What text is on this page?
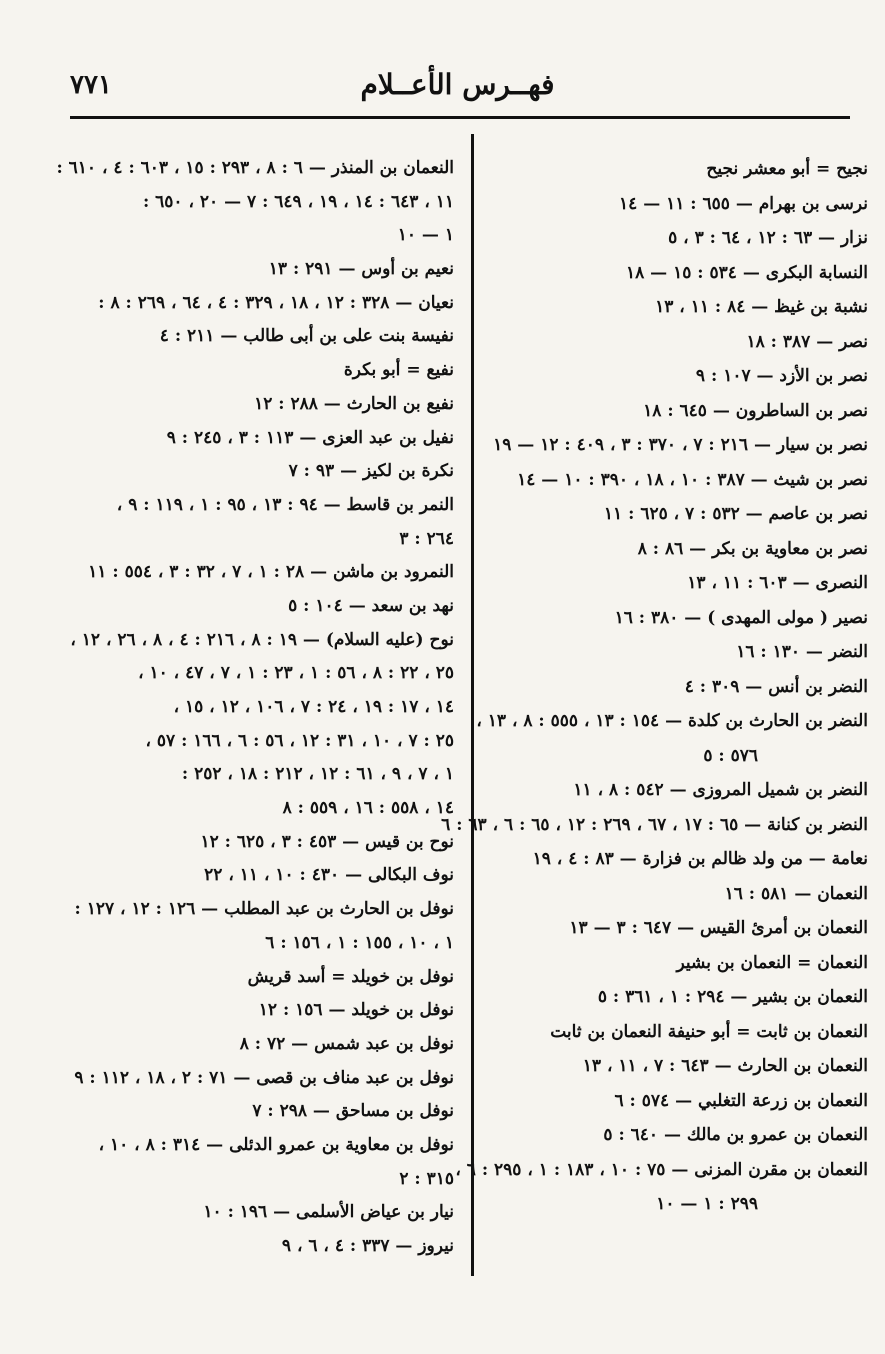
فهــرس الأعــلام
٧٧١
نجيح = أبو معشر نجيح
نرسى بن بهرام — ٦٥٥ : ١١ — ١٤
نزار — ٦٣ : ١٢ ، ٦٤ : ٣ ، ٥
النسابة البكرى — ٥٣٤ : ١٥ — ١٨
نشبة بن غيظ — ٨٤ : ١١ ، ١٣
نصر — ٣٨٧ : ١٨
نصر بن الأزد — ١٠٧ : ٩
نصر بن الساطرون — ٦٤٥ : ١٨
نصر بن سيار — ٢١٦ : ٧ ، ٣٧٠ : ٣ ، ٤٠٩ : ١٢ — ١٩
نصر بن شيث — ٣٨٧ : ١٠ ، ١٨ ، ٣٩٠ : ١٠ — ١٤
نصر بن عاصم — ٥٣٢ : ٧ ، ٦٢٥ : ١١
نصر بن معاوية بن بكر — ٨٦ : ٨
النصرى — ٦٠٣ : ١١ ، ١٣
نصير ( مولى المهدى ) — ٣٨٠ : ١٦
النضر — ١٣٠ : ١٦
النضر بن أنس — ٣٠٩ : ٤
النضر بن الحارث بن كلدة — ١٥٤ : ١٣ ، ٥٥٥ : ٨ ، ١٣ ،
٥٧٦ : ٥
النضر بن شميل المروزى — ٥٤٢ : ٨ ، ١١
النضر بن كنانة — ٦٥ : ١٧ ، ٦٧ ، ٢٦٩ : ١٢ ، ٦٥ : ٦ ، ٦٣ : ٦
نعامة — من ولد ظالم بن فزارة — ٨٣ : ٤ ، ١٩
النعمان — ٥٨١ : ١٦
النعمان بن أمرئ القيس — ٦٤٧ : ٣ — ١٣
النعمان = النعمان بن بشير
النعمان بن بشير — ٢٩٤ : ١ ، ٣٦١ : ٥
النعمان بن ثابت = أبو حنيفة النعمان بن ثابت
النعمان بن الحارث — ٦٤٣ : ٧ ، ١١ ، ١٣
النعمان بن زرعة التغلبي — ٥٧٤ : ٦
النعمان بن عمرو بن مالك — ٦٤٠ : ٥
النعمان بن مقرن المزنى — ٧٥ : ١٠ ، ١٨٣ : ١ ، ٢٩٥ : ٦ ،
٢٩٩ : ١ — ١٠
النعمان بن المنذر — ٦ : ٨ ، ٢٩٣ : ١٥ ، ٦٠٣ : ٤ ، ٦١٠ :
١١ ، ٦٤٣ : ١٤ ، ١٩ ، ٦٤٩ : ٧ — ٢٠ ، ٦٥٠ :
١ — ١٠
نعيم بن أوس — ٢٩١ : ١٣
نعيان — ٣٢٨ : ١٢ ، ١٨ ، ٣٢٩ : ٤ ، ٦٤ ، ٢٦٩ : ٨ :
نفيسة بنت على بن أبى طالب — ٢١١ : ٤
نفيع = أبو بكرة
نفيع بن الحارث — ٢٨٨ : ١٢
نفيل بن عبد العزى — ١١٣ : ٣ ، ٢٤٥ : ٩
نكرة بن لكيز — ٩٣ : ٧
النمر بن قاسط — ٩٤ : ١٣ ، ٩٥ : ١ ، ١١٩ : ٩ ،
٢٦٤ : ٣
النمرود بن ماشن — ٢٨ : ١ ، ٧ ، ٣٢ : ٣ ، ٥٥٤ : ١١
نهد بن سعد — ١٠٤ : ٥
نوح (عليه السلام) — ١٩ : ٨ ، ٢١٦ : ٤ ، ٨ ، ٢٦ ، ١٢ ،
٢٥ ، ٢٢ : ٨ ، ٥٦ : ١ ، ٢٣ : ١ ، ٧ ، ٤٧ ، ١٠ ،
١٤ ، ١٧ : ١٩ ، ٢٤ : ٧ ، ١٠٦ ، ١٢ ، ١٥ ،
٢٥ : ٧ ، ١٠ ، ٣١ : ١٢ ، ٥٦ : ٦ ، ١٦٦ : ٥٧ ،
١ ، ٧ ، ٩ ، ٦١ : ١٢ ، ٢١٢ : ١٨ ، ٢٥٢ :
١٤ ، ٥٥٨ : ١٦ ، ٥٥٩ : ٨
نوح بن قيس — ٤٥٣ : ٣ ، ٦٢٥ : ١٢
نوف البكالى — ٤٣٠ : ١٠ ، ١١ ، ٢٢
نوفل بن الحارث بن عبد المطلب — ١٢٦ : ١٢ ، ١٢٧ :
١ ، ١٠ ، ١٥٥ : ١ ، ١٥٦ : ٦
نوفل بن خويلد = أسد قريش
نوفل بن خويلد — ١٥٦ : ١٢
نوفل بن عبد شمس — ٧٢ : ٨
نوفل بن عبد مناف بن قصى — ٧١ : ٢ ، ١٨ ، ١١٢ : ٩
نوفل بن مساحق — ٢٩٨ : ٧
نوفل بن معاوية بن عمرو الدئلى — ٣١٤ : ٨ ، ١٠ ،
٣١٥ : ٢
نيار بن عياض الأسلمى — ١٩٦ : ١٠
نيروز — ٣٣٧ : ٤ ، ٦ ، ٩
